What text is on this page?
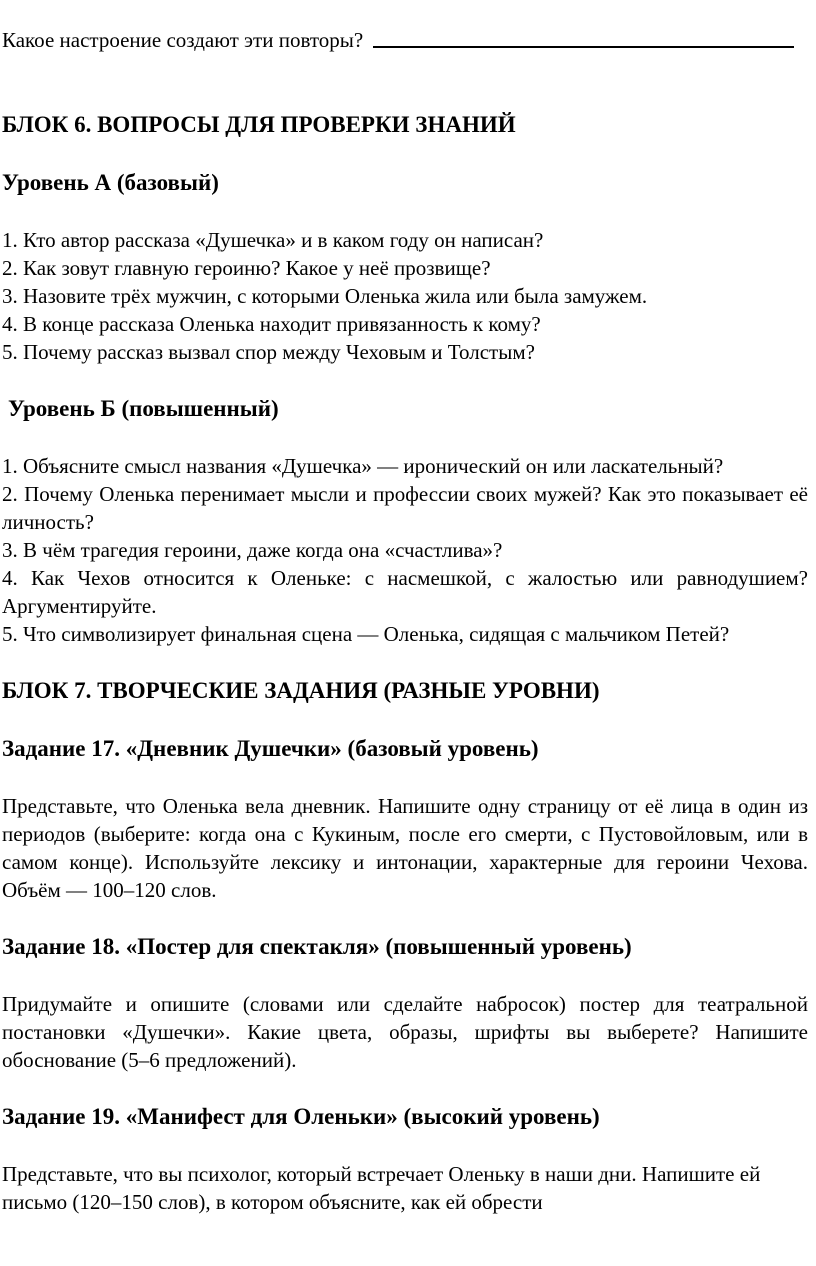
Какое настроение создают эти повторы?
БЛОК 6. ВОПРОСЫ ДЛЯ ПРОВЕРКИ ЗНАНИЙ
Уровень А (базовый)

1. Кто автор рассказа «Душечка» и в каком году он написан?

2. Как зовут главную героиню? Какое у неё прозвище?

3. Назовите трёх мужчин, с которыми Оленька жила или была замужем.

4. В конце рассказа Оленька находит привязанность к кому?

5. Почему рассказ вызвал спор между Чеховым и Толстым?

Уровень Б (повышенный)

1. Объясните смысл названия «Душечка» — иронический он или ласкательный?

2. Почему Оленька перенимает мысли и профессии своих мужей? Как это показывает её личность?

3. В чём трагедия героини, даже когда она «счастлива»?

4. Как Чехов относится к Оленьке: с насмешкой, с жалостью или равнодушием? Аргументируйте.

5. Что символизирует финальная сцена — Оленька, сидящая с мальчиком Петей?

БЛОК 7. ТВОРЧЕСКИЕ ЗАДАНИЯ (РАЗНЫЕ УРОВНИ)
Задание 17. «Дневник Душечки» (базовый уровень)

Представьте, что Оленька вела дневник. Напишите одну страницу от её лица в один из периодов (выберите: когда она с Кукиным, после его смерти, с Пустовойловым, или в самом конце). Используйте лексику и интонации, характерные для героини Чехова. Объём — 100–120 слов.

Задание 18. «Постер для спектакля» (повышенный уровень)

Придумайте и опишите (словами или сделайте набросок) постер для театральной постановки «Душечки». Какие цвета, образы, шрифты вы выберете? Напишите обоснование (5–6 предложений).

Задание 19. «Манифест для Оленьки» (высокий уровень)

Представьте, что вы психолог, который встречает Оленьку в наши дни. Напишите ей письмо (120–150 слов), в котором объясните, как ей обрести
